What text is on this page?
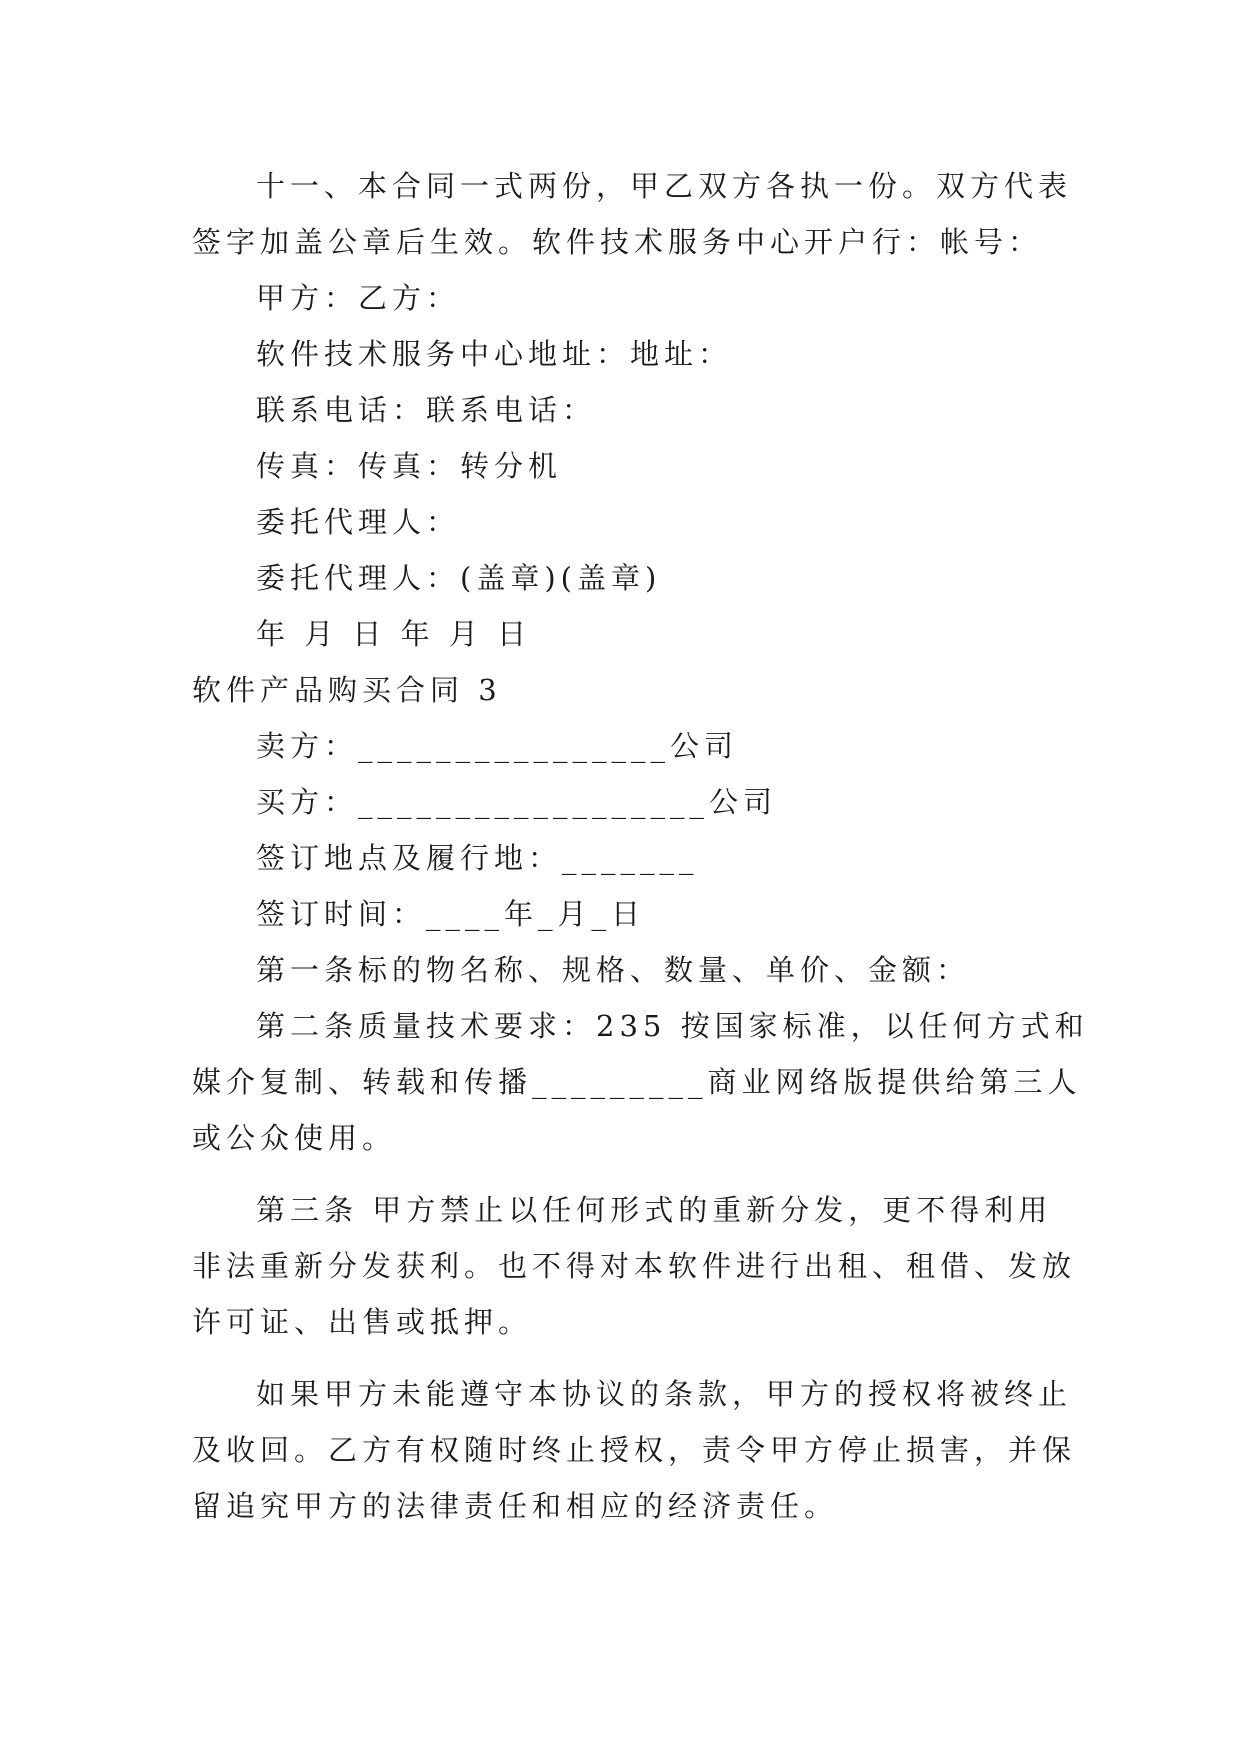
十一、本合同一式两份，甲乙双方各执一份。双方代表
签字加盖公章后生效。软件技术服务中心开户行：帐号：
甲方：乙方：
软件技术服务中心地址：地址：
联系电话：联系电话：
传真：传真：转分机
委托代理人：
委托代理人：(盖章)(盖章)
年 月 日 年 月 日
软件产品购买合同 3
卖方：________________公司
买方：__________________公司
签订地点及履行地：_______
签订时间：____年_月_日
第一条标的物名称、规格、数量、单价、金额：
第二条质量技术要求：235 按国家标准，以任何方式和
媒介复制、转载和传播_________商业网络版提供给第三人
或公众使用。
第三条 甲方禁止以任何形式的重新分发，更不得利用
非法重新分发获利。也不得对本软件进行出租、租借、发放
许可证、出售或抵押。
如果甲方未能遵守本协议的条款，甲方的授权将被终止
及收回。乙方有权随时终止授权，责令甲方停止损害，并保
留追究甲方的法律责任和相应的经济责任。
